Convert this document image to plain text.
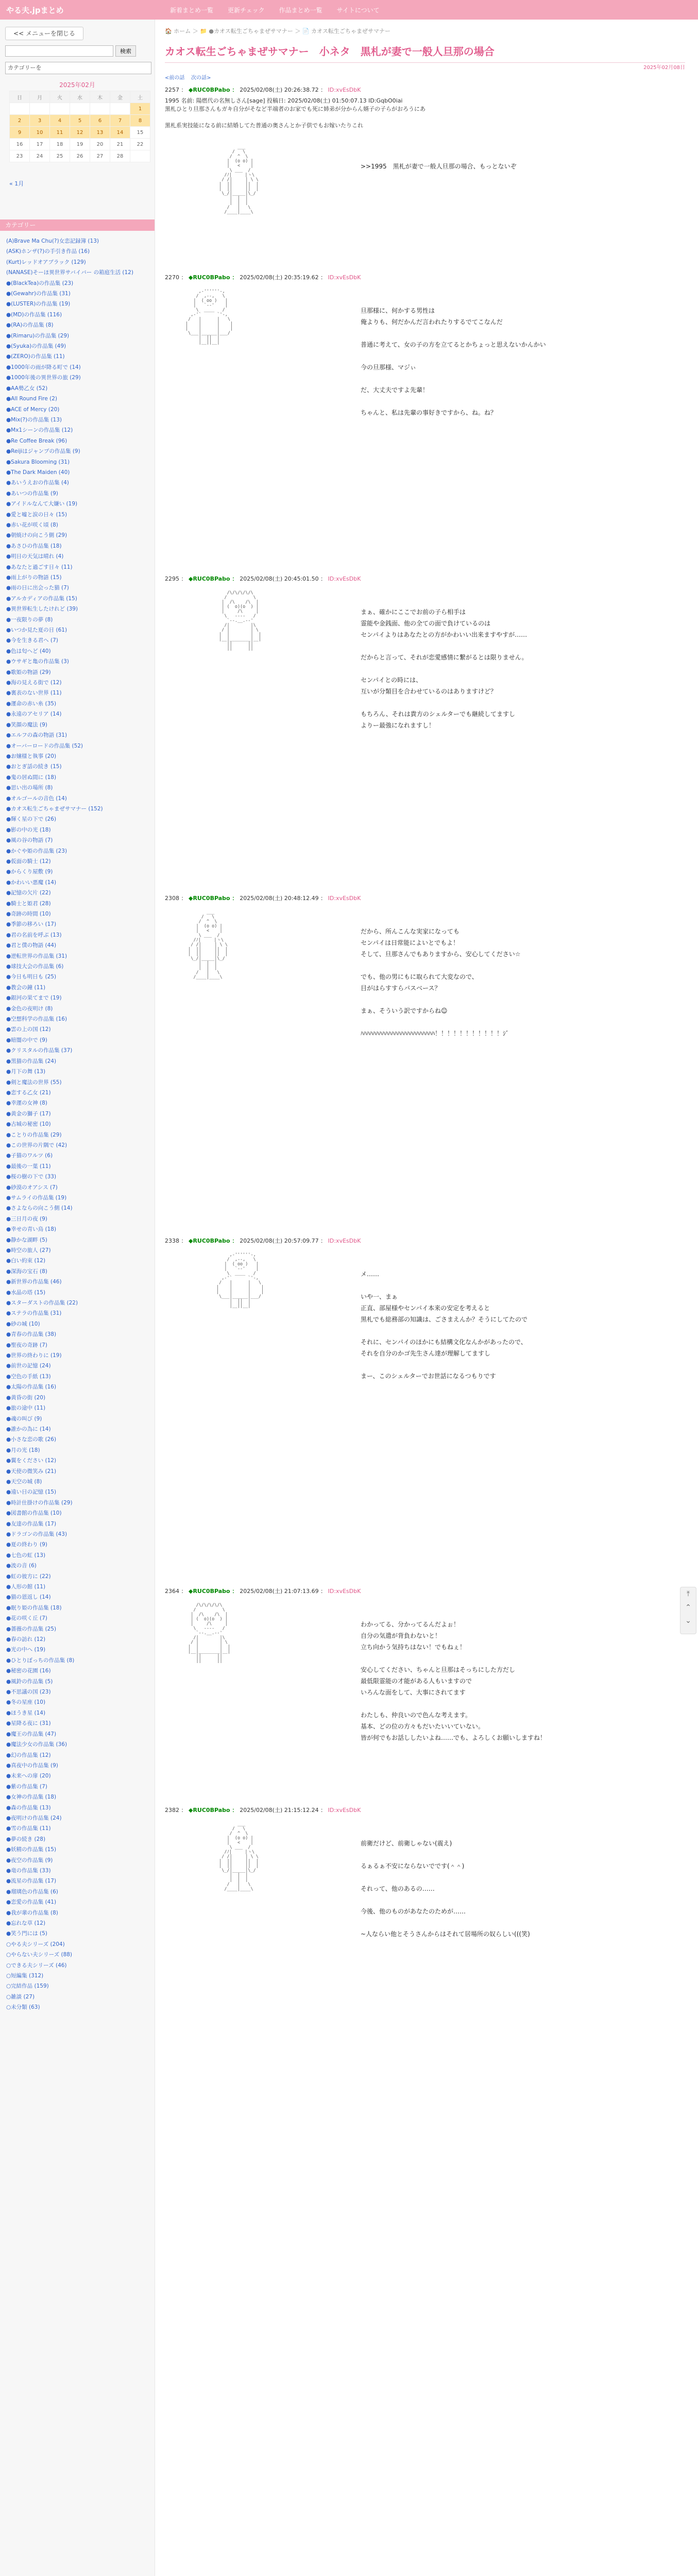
やる夫.jpまとめ	新着まとめ一覧 更新チェック 作品まとめ一覧 サイトについて
<< メニューを閉じる
検索
カテゴリーを
2025年02月
日	月	火	水	木	金	土
						1
2	3	4	5	6	7	8
9	10	11	12	13	14	15
16	17	18	19	20	21	22
23	24	25	26	27	28	
« 1月
カテゴリー
(A)Brave Ma Chu(?)女恋記録簿 (13)
(ASK)ホンザ(?)の手引き作品 (16)
(Kurt)レッドオアブラック (129)
(NANASE)そーほ異世界サバイバー の箱庭生活 (12)
●(BlackTea)の作品集 (23)
●(Gewahr)の作品集 (31)
●(LUSTER)の作品集 (19)
●(MD)の作品集 (116)
●(RA)の作品集 (8)
●(Rimaru)の作品集 (29)
●(Syuka)の作品集 (49)
●(ZERO)の作品集 (11)
●1000年の雨が降る町で (14)
●1000年後の異世界の旅 (29)
●AA勢乙女 (52)
●All Round Fire (2)
●ACE of Mercy (20)
●Mix(?)の作品集 (13)
●Mx1シーンの作品集 (12)
●Re Coffee Break (96)
●Reijiはジャンプの作品集 (9)
●Sakura Blooming (31)
●The Dark Maiden (40)
●あいうえおの作品集 (4)
●あいつの作品集 (9)
●アイドルなんて大嫌い (19)
●愛と嘘と涙の日々 (15)
●赤い花が咲く頃 (8)
●朝焼けの向こう側 (29)
●あさひの作品集 (18)
●明日の天気は晴れ (4)
●あなたと過ごす日々 (11)
●雨上がりの物語 (15)
●雨の日に出会った猫 (7)
●アルカディアの作品集 (15)
●異世界転生したけれど (39)
●一夜限りの夢 (8)
●いつか見た夏の日 (61)
●今を生きる君へ (7)
●色は匂へど (40)
●ウサギと亀の作品集 (3)
●歌姫の物語 (29)
●海の見える街で (12)
●裏表のない世界 (11)
●運命の赤い糸 (35)
●永遠のアセリア (14)
●笑顔の魔法 (9)
●エルフの森の物語 (31)
●オーバーロードの作品集 (52)
●お嬢様と執事 (20)
●おとぎ話の続き (15)
●鬼の居ぬ間に (18)
●思い出の場所 (8)
●オルゴールの音色 (14)
●カオス転生ごちゃまぜサマナー (152)
●輝く星の下で (26)
●影の中の光 (18)
●風の谷の物語 (7)
●かぐや姫の作品集 (23)
●仮面の騎士 (12)
●からくり屋敷 (9)
●かわいい悪魔 (14)
●記憶の欠片 (22)
●騎士と姫君 (28)
●奇跡の時間 (10)
●季節の移ろい (17)
●君の名前を呼ぶ (13)
●君と僕の物語 (44)
●逆転世界の作品集 (31)
●球技大会の作品集 (6)
●今日も明日も (25)
●教会の鐘 (11)
●銀河の果てまで (19)
●金色の夜明け (8)
●空想科学の作品集 (16)
●雲の上の国 (12)
●暗闇の中で (9)
●クリスタルの作品集 (37)
●黒猫の作品集 (24)
●月下の舞 (13)
●剣と魔法の世界 (55)
●恋する乙女 (21)
●幸運の女神 (8)
●黄金の獅子 (17)
●古城の秘密 (10)
●ことりの作品集 (29)
●この世界の片隅で (42)
●子猫のワルツ (6)
●最後の一葉 (11)
●桜の樹の下で (33)
●砂漠のオアシス (7)
●サムライの作品集 (19)
●さよならの向こう側 (14)
●三日月の夜 (9)
●幸せの青い鳥 (18)
●静かな湖畔 (5)
●時空の旅人 (27)
●白い約束 (12)
●深海の宝石 (8)
●新世界の作品集 (46)
●水晶の塔 (15)
●スターダストの作品集 (22)
●ステラの作品集 (31)
●砂の城 (10)
●青春の作品集 (38)
●聖夜の奇跡 (7)
●世界の終わりに (19)
●前世の記憶 (24)
●空色の手紙 (13)
●太陽の作品集 (16)
●黄昏の街 (20)
●旅の途中 (11)
●魂の叫び (9)
●誰かの為に (14)
●小さな恋の歌 (26)
●月の光 (18)
●翼をください (12)
●天使の微笑み (21)
●天空の城 (8)
●遠い日の記憶 (15)
●時計仕掛けの作品集 (29)
●図書館の作品集 (10)
●友達の作品集 (17)
●ドラゴンの作品集 (43)
●夏の終わり (9)
●七色の虹 (13)
●波の音 (6)
●虹の彼方に (22)
●人形の館 (11)
●猫の恩返し (14)
●眠り姫の作品集 (18)
●花の咲く丘 (7)
●薔薇の作品集 (25)
●春の訪れ (12)
●光の中へ (19)
●ひとりぼっちの作品集 (8)
●秘密の花園 (16)
●風鈴の作品集 (5)
●不思議の国 (23)
●冬の星座 (10)
●ほうき星 (14)
●星降る夜に (31)
●魔王の作品集 (47)
●魔法少女の作品集 (36)
●幻の作品集 (12)
●真夜中の作品集 (9)
●未来への扉 (20)
●紫の作品集 (7)
●女神の作品集 (18)
●森の作品集 (13)
●夜明けの作品集 (24)
●雪の作品集 (11)
●夢の続き (28)
●妖精の作品集 (15)
●夜空の作品集 (9)
●竜の作品集 (33)
●流星の作品集 (17)
●瑠璃色の作品集 (6)
●恋愛の作品集 (41)
●我が輩の作品集 (8)
●忘れな草 (12)
●笑う門には (5)
○やる夫シリーズ (204)
○やらない夫シリーズ (88)
○できる夫シリーズ (46)
○短編集 (312)
○完結作品 (159)
○雑談 (27)
○未分類 (63)
🏠 ホーム ＞ 📁 ●カオス転生ごちゃまぜサマナー ＞ 📄 カオス転生ごちゃまぜサマナー
カオス転生ごちゃまぜサマナー　小ネタ　黒札が妻で一般人旦那の場合
2025年02月08日
<前の話 次の話>
2257 ： ◆RUC0BPabo ： 2025/02/08(土) 20:26:38.72 ： ID:xvEsDbK
1995 名前: 陽燃代の名無しさん[sage] 投稿日: 2025/02/08(土) 01:50:07.13 ID:GqbO0iai
黒札ひとり旦那さんもガキ自分がそなど半端者のお家でも死に姉弟が分からん婿子の子らがおろうにあ

黒札系実技能になる前に結婚してた普通の奥さんとか子供でもお嫁いたりこれ
___
/   \
/  ^  \
|  (o o) |
|   <    |
\ ___  /
/ﾉ|     |ヽ\
/ /|     | \ \
|  ||     ||  |
|  ||     ||  |
\_/|_____|\_/
|  |  |
|  |  |
/   |   \
/____|____\
>>1995　黒札が妻で一般人旦那の場合、もっとないぞ
2270 ： ◆RUC0BPabo ： 2025/02/08(土) 20:35:19.62 ： ID:xvEsDbK
,-''''''-,
/  ,--,   \
|  ( oo )   |
|   `--'    |
\  ____   /
,-'`      `'-,
/   |      |   \
|    |      |    |
|    |      |    |
\___|______|___/
|  ||  |
|__||__|
旦那様に、何かする男性は
俺よりも、何だかんだ言われたりするでてこなんだ

普通に考えて、女の子の方を立てるとかちょっと思えないかんかい

今の旦那様、マジぃ

だ、大丈夫ですよ先輩！

ちゃんと、私は先輩の事好きですから、ね。ね？
2295 ： ◆RUC0BPabo ： 2025/02/08(土) 20:45:01.50 ： ID:xvEsDbK
/\/\/\/\/\
/          \
|  /\    /\  |
| (  o)(o  ) |
|     /\     |
\   ----   /
`--.__.--'
/|        |\
/ |        | \
|  |        |  |
|__|________|__|
||      ||
||      ||
まぁ、確かにここでお前の子ら相手は
霊能や金銭面、他の全ての面で負けているのは
センパイよりはあなたとの方がかわいい出来ますやすが……

だからと言って、それが恋愛感情に繋がるとは限りません。

センパイとの時には、
互いが分類目を合わせているのはありますけど？

もちろん、それは貴方のシェルターでも継続してますし
よりー最強になれますし！
2308 ： ◆RUC0BPabo ： 2025/02/08(土) 20:48:12.49 ： ID:xvEsDbK
___
/   \
/  ^  \
|  (o o) |
|   <    |
\ ___  /
/ﾉ|     |ヽ\
/ /|     | \ \
|  ||     ||  |
|  ||     ||  |
\_/|_____|\_/
|  |  |
|  |  |
/   |   \
/____|____\
だから、所んこんな実家になっても
センパイは日常能によいとでもよ！
そして、旦那さんでもありますから、安心してください☆

でも、他の男にもに取られて大変なので、
目がはらすすらパスベース？

まぁ、そういう訳ですからね☺

ﾊﾊﾊﾊﾊﾊﾊﾊﾊﾊﾊﾊﾊﾊﾊﾊﾊﾊﾊﾊﾊﾊﾊﾊ！！！！！！！！！！！ｼﾞ
2338 ： ◆RUC0BPabo ： 2025/02/08(土) 20:57:09.77 ： ID:xvEsDbK
,-''''''-,
/  ,--,   \
|  ( oo )   |
|   `--'    |
\  ____   /
,-'`      `'-,
/   |      |   \
|    |      |    |
|    |      |    |
\___|______|___/
|  ||  |
|__||__|
メ……

いや一、まぁ
正直、部屋様やセンパイ本来の安定を考えると
黒札でも総務部の知識は、ごさまえんか？そうにしてたので

それに、センパイのほかにも結構文化なんかがあったので、
それを自分のかゴ先生さん達が理解してますし

まー、このシェルターでお世話になるつもりです
2364 ： ◆RUC0BPabo ： 2025/02/08(土) 21:07:13.69 ： ID:xvEsDbK
/\/\/\/\/\
/          \
|  /\    /\  |
| (  o)(o  ) |
|     /\     |
\   ----   /
`--.__.--'
/|        |\
/ |        | \
|  |        |  |
|__|________|__|
||      ||
||      ||
わかってる、分かってるんだよぉ！
自分の気遣が背負わないと！
立ち向かう気持ちはない！でもねぇ！

安心してください、ちゃんと旦那はそっちにした方だし
最低限霊能の才能がある人もいますので
いろんな面をして、大事にされてます

わたしも、仲良いので色んな考えます。
基本、どの位の方々もだいたいいていない。
皆が何でもお話ししたいよね……でも、よろしくお願いしますね！
2382 ： ◆RUC0BPabo ： 2025/02/08(土) 21:15:12.24 ： ID:xvEsDbK
___
/   \
/  ^  \
|  (o o) |
|   <    |
\ ___  /
/ﾉ|     |ヽ\
/ /|     | \ \
|  ||     ||  |
|  ||     ||  |
\_/|_____|\_/
|  |  |
|  |  |
/   |   \
/____|____\
前衛だけど、前衛しゃない(震え)

るぁるぁ不安にならないでです(＾＾)

それって、他のあるの……

今後、他のものがあなたのためが……

~人ならい他とそうさんからはそれて居場所の奴らしい(((笑)
⤒
⌃
⌄
